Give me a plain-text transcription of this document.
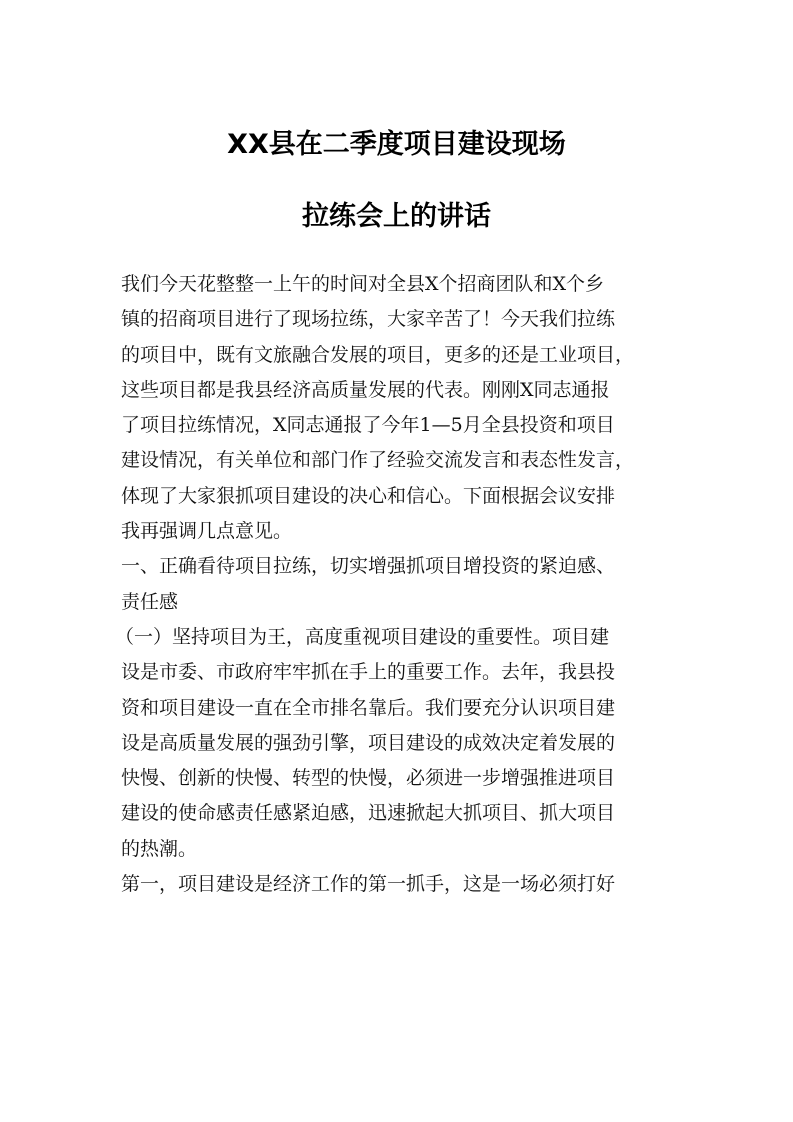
XX县在二季度项目建设现场
拉练会上的讲话
我们今天花整整一上午的时间对全县X个招商团队和X个乡
镇的招商项目进行了现场拉练，大家辛苦了！今天我们拉练
的项目中，既有文旅融合发展的项目，更多的还是工业项目，
这些项目都是我县经济高质量发展的代表。刚刚X同志通报
了项目拉练情况，X同志通报了今年1—5月全县投资和项目
建设情况，有关单位和部门作了经验交流发言和表态性发言，
体现了大家狠抓项目建设的决心和信心。下面根据会议安排
我再强调几点意见。
一、正确看待项目拉练，切实增强抓项目增投资的紧迫感、
责任感
（一）坚持项目为王，高度重视项目建设的重要性。项目建
设是市委、市政府牢牢抓在手上的重要工作。去年，我县投
资和项目建设一直在全市排名靠后。我们要充分认识项目建
设是高质量发展的强劲引擎，项目建设的成效决定着发展的
快慢、创新的快慢、转型的快慢，必须进一步增强推进项目
建设的使命感责任感紧迫感，迅速掀起大抓项目、抓大项目
的热潮。
第一，项目建设是经济工作的第一抓手，这是一场必须打好
